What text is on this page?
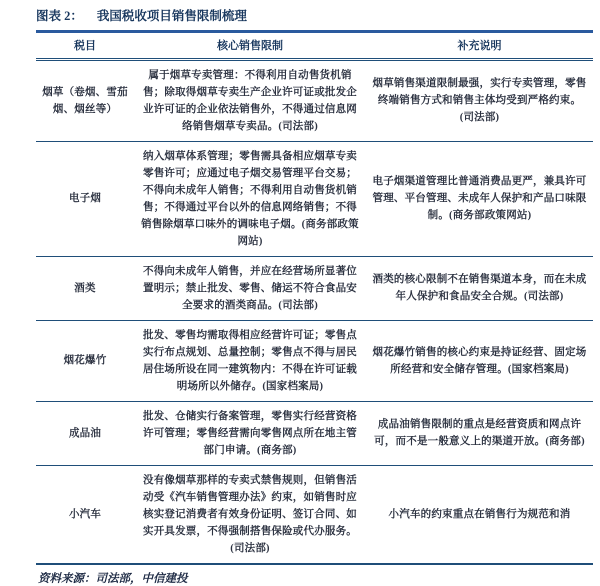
图表 2： 我国税收项目销售限制梳理
税目	核心销售限制	补充说明
烟草（卷烟、雪茄烟、烟丝等）	属于烟草专卖管理：不得利用自动售货机销售；除取得烟草专卖生产企业许可证或批发企业许可证的企业依法销售外，不得通过信息网络销售烟草专卖品。(司法部)	烟草销售渠道限制最强，实行专卖管理，零售终端销售方式和销售主体均受到严格约束。(司法部)
电子烟	纳入烟草体系管理；零售需具备相应烟草专卖零售许可；应通过电子烟交易管理平台交易；不得向未成年人销售；不得利用自动售货机销售；不得通过平台以外的信息网络销售；不得销售除烟草口味外的调味电子烟。(商务部政策网站)	电子烟渠道管理比普通消费品更严，兼具许可管理、平台管理、未成年人保护和产品口味限制。(商务部政策网站)
酒类	不得向未成年人销售，并应在经营场所显著位置明示；禁止批发、零售、储运不符合食品安全要求的酒类商品。(司法部)	酒类的核心限制不在销售渠道本身，而在未成年人保护和食品安全合规。(司法部)
烟花爆竹	批发、零售均需取得相应经营许可证；零售点实行布点规划、总量控制；零售点不得与居民居住场所设在同一建筑物内：不得在许可证载明场所以外储存。(国家档案局)	烟花爆竹销售的核心约束是持证经营、固定场所经营和安全储存管理。(国家档案局)
成品油	批发、仓储实行备案管理，零售实行经营资格许可管理；零售经营需向零售网点所在地主管部门申请。(商务部)	成品油销售限制的重点是经营资质和网点许可，而不是一般意义上的渠道开放。(商务部)
小汽车	没有像烟草那样的专卖式禁售规则，但销售活动受《汽车销售管理办法》约束，如销售时应核实登记消费者有效身份证明、签订合同、如实开具发票，不得强制搭售保险或代办服务。(司法部)	小汽车的约束重点在销售行为规范和消
资料来源：司法部，中信建投
